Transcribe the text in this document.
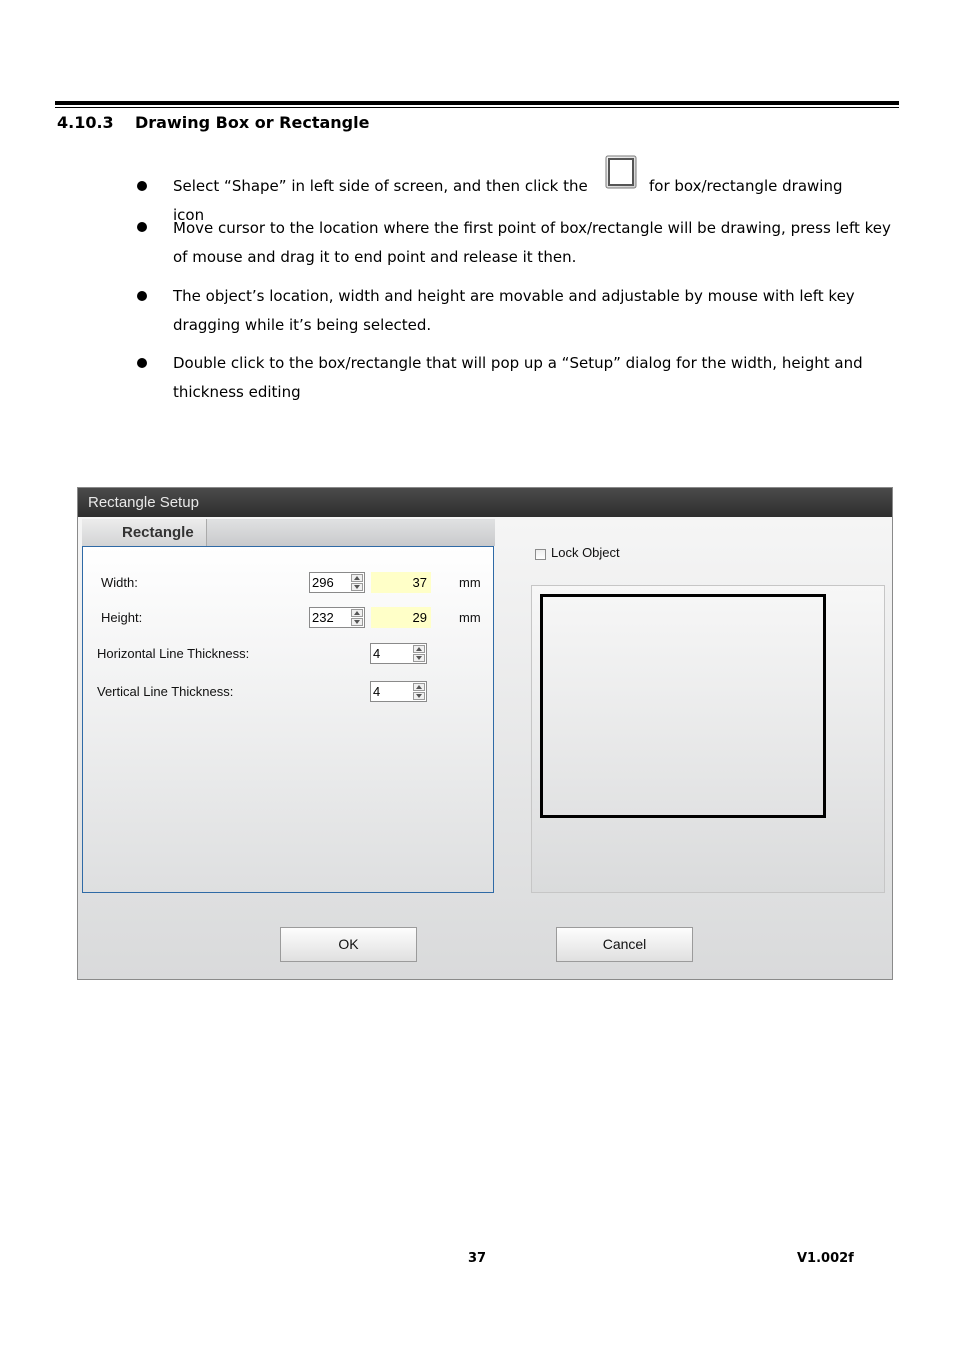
4.10.3 Drawing Box or Rectangle
Select “Shape” in left side of screen, and then click the icon
for box/rectangle drawing
Move cursor to the location where the first point of box/rectangle will be drawing, press left key of mouse and drag it to end point and release it then.
The object’s location, width and height are movable and adjustable by mouse with left key dragging while it’s being selected.
Double click to the box/rectangle that will pop up a “Setup” dialog for the width, height and thickness editing
Rectangle Setup
Rectangle
Width:	296	37	mm
Height:	232	29	mm
Horizontal Line Thickness:	4
Vertical Line Thickness:	4
Lock Object
OK	Cancel
37	V1.002f
